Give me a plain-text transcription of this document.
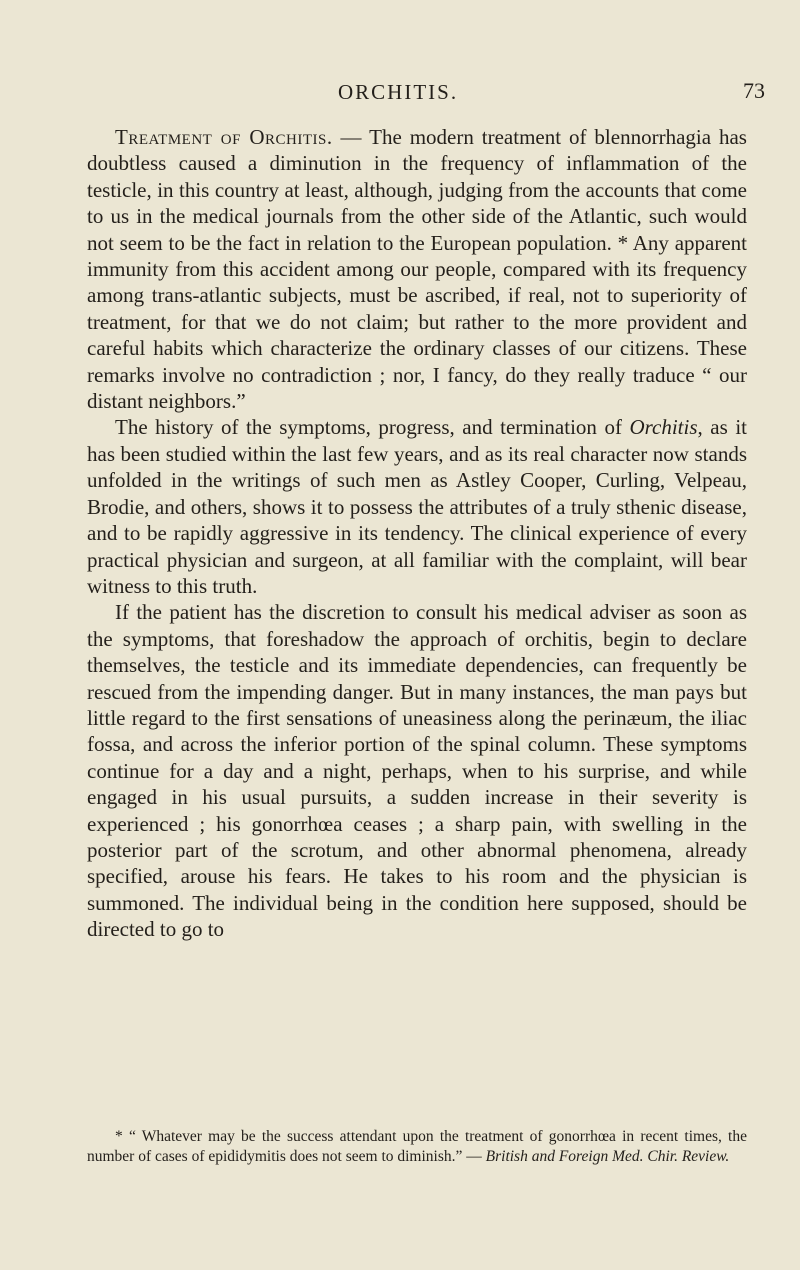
ORCHITIS.	73

Treatment of Orchitis. — The modern treatment of blennorrhagia has doubtless caused a diminution in the frequency of inflammation of the testicle, in this country at least, although, judging from the accounts that come to us in the medical journals from the other side of the Atlantic, such would not seem to be the fact in relation to the European population. * Any apparent immunity from this accident among our people, compared with its frequency among trans-atlantic subjects, must be ascribed, if real, not to superiority of treatment, for that we do not claim; but rather to the more provident and careful habits which characterize the ordinary classes of our citizens. These remarks involve no contradiction ; nor, I fancy, do they really traduce “ our distant neighbors.”

The history of the symptoms, progress, and termination of Orchitis, as it has been studied within the last few years, and as its real character now stands unfolded in the writings of such men as Astley Cooper, Curling, Velpeau, Brodie, and others, shows it to possess the attributes of a truly sthenic disease, and to be rapidly aggressive in its tendency. The clinical experience of every practical physician and surgeon, at all familiar with the complaint, will bear witness to this truth.

If the patient has the discretion to consult his medical adviser as soon as the symptoms, that foreshadow the approach of orchitis, begin to declare themselves, the testicle and its immediate dependencies, can frequently be rescued from the impending danger. But in many instances, the man pays but little regard to the first sensations of uneasiness along the perinæum, the iliac fossa, and across the inferior portion of the spinal column. These symptoms continue for a day and a night, perhaps, when to his surprise, and while engaged in his usual pursuits, a sudden increase in their severity is experienced ; his gonorrhœa ceases ; a sharp pain, with swelling in the posterior part of the scrotum, and other abnormal phenomena, already specified, arouse his fears. He takes to his room and the physician is summoned. The individual being in the condition here supposed, should be directed to go to

* “ Whatever may be the success attendant upon the treatment of gonorrhœa in recent times, the number of cases of epididymitis does not seem to diminish.” — British and Foreign Med. Chir. Review.
